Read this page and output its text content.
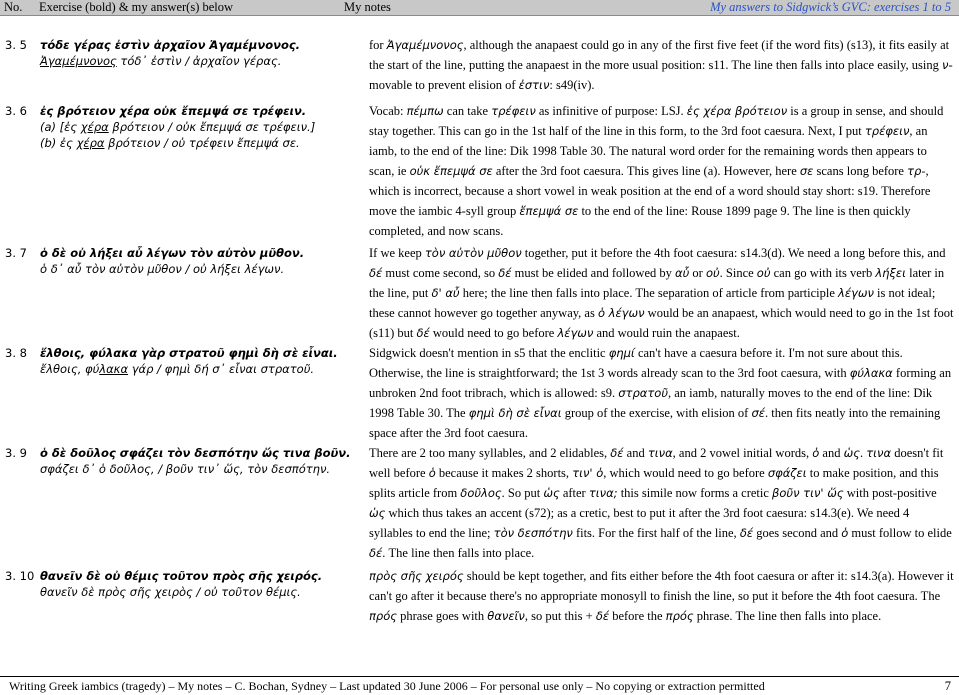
No. Exercise (bold) & my answer(s) below	My notes	My answers to Sidgwick’s GVC: exercises 1 to 5
3. 5 τόδε γέρας ἐστὶν ἀρχαῖον Ἀγαμέμνονος.
Ἀγαμέμνονος τόδ᾽ ἐστὶν / ἀρχαῖον γέρας.
for Ἀγαμέμνονος, although the anapaest could go in any of the first five feet (if the word fits) (s13), it fits easily at the start of the line, putting the anapaest in the more usual position: s11. The line then falls into place easily, using ν-movable to prevent elision of ἐστιν: s49(iv).
3. 6 ἐς βρότειον χέρα οὐκ ἔπεμψά σε τρέφειν.
(a) [ἐς χέρα βρότειον / οὐκ ἔπεμψά σε τρέφειν.]
(b) ἐς χέρα βρότειον / οὐ τρέφειν ἔπεμψά σε.
Vocab: πέμπω can take τρέφειν as infinitive of purpose: LSJ. ἐς χέρα βρότειον is a group in sense, and should stay together. This can go in the 1st half of the line in this form, to the 3rd foot caesura. Next, I put τρέφειν, an iamb, to the end of the line: Dik 1998 Table 30. The natural word order for the remaining words then appears to scan, ie οὐκ ἔπεμψά σε after the 3rd foot caesura. This gives line (a). However, here σε scans long before τρ-, which is incorrect, because a short vowel in weak position at the end of a word should stay short: s19. Therefore move the iambic 4-syll group ἔπεμψά σε to the end of the line: Rouse 1899 page 9. The line is then quickly completed, and now scans.
3. 7 ὁ δὲ οὐ λήξει αὖ λέγων τὸν αὐτὸν μῦθον.
ὁ δ᾽ αὖ τὸν αὐτὸν μῦθον / οὐ λήξει λέγων.
If we keep τὸν αὐτὸν μῦθον together, put it before the 4th foot caesura: s14.3(d). We need a long before this, and δέ must come second, so δέ must be elided and followed by αὖ or οὐ. Since οὐ can go with its verb λήξει later in the line, put δ' αὖ here; the line then falls into place. The separation of article from participle λέγων is not ideal; these cannot however go together anyway, as ὁ λέγων would be an anapaest, which would need to go in the 1st foot (s11) but δέ would need to go before λέγων and would ruin the anapaest.
3. 8 ἔλθοις, φύλακα γὰρ στρατοῦ φημὶ δὴ σὲ εἶναι.
ἔλθοις, φύλακα γάρ / φημὶ δή σ᾽ εἶναι στρατοῦ.
Sidgwick doesn't mention in s5 that the enclitic φημί can't have a caesura before it. I'm not sure about this. Otherwise, the line is straightforward; the 1st 3 words already scan to the 3rd foot caesura, with φύλακα forming an unbroken 2nd foot tribrach, which is allowed: s9. στρατοῦ, an iamb, naturally moves to the end of the line: Dik 1998 Table 30. The φημὶ δὴ σὲ εἶναι group of the exercise, with elision of σέ. then fits neatly into the remaining space after the 3rd foot caesura.
3. 9 ὁ δὲ δοῦλος σφάζει τὸν δεσπότην ὥς τινα βοῦν.
σφάζει δ᾽ ὁ δοῦλος, / βοῦν τιν᾽ ὥς, τὸν δεσπότην.
There are 2 too many syllables, and 2 elidables, δέ and τινα, and 2 vowel initial words, ὁ and ὡς. τινα doesn't fit well before ὁ because it makes 2 shorts, τιν' ὁ, which would need to go before σφάζει to make position, and this splits article from δοῦλος. So put ὡς after τινα; this simile now forms a cretic βοῦν τιν' ὥς with post-positive ὡς which thus takes an accent (s72); as a cretic, best to put it after the 3rd foot caesura: s14.3(e). We need 4 syllables to end the line; τὸν δεσπότην fits. For the first half of the line, δέ goes second and ὁ must follow to elide δέ. The line then falls into place.
3. 10 θανεῖν δὲ οὐ θέμις τοῦτον πρὸς σῆς χειρός.
θανεῖν δὲ πρὸς σῆς χειρὸς / οὐ τοῦτον θέμις.
πρὸς σῆς χειρός should be kept together, and fits either before the 4th foot caesura or after it: s14.3(a). However it can't go after it because there's no appropriate monosyll to finish the line, so put it before the 4th foot caesura. The πρός phrase goes with θανεῖν, so put this + δέ before the πρός phrase. The line then falls into place.
Writing Greek iambics (tragedy) – My notes – C. Bochan, Sydney – Last updated 30 June 2006 – For personal use only – No copying or extraction permitted	7
